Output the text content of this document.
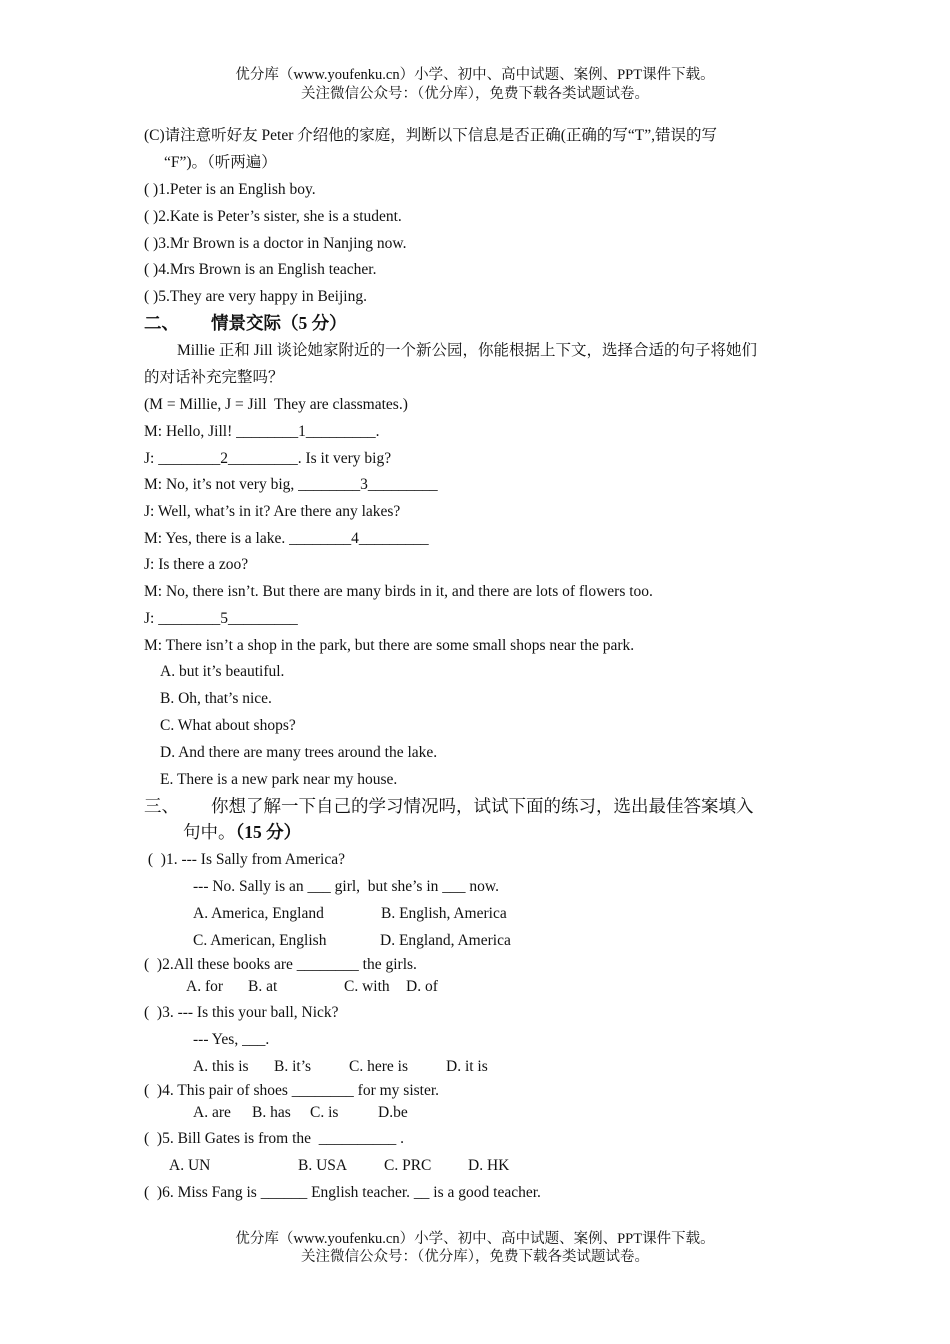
优分库（www.youfenku.cn）小学、初中、高中试题、案例、PPT课件下载。
关注微信公众号：（优分库），免费下载各类试题试卷。
(C)请注意听好友 Peter 介绍他的家庭，判断以下信息是否正确(正确的写“T”,错误的写
“F”)。（听两遍）
( )1.Peter is an English boy.
( )2.Kate is Peter’s sister, she is a student.
( )3.Mr Brown is a doctor in Nanjing now.
( )4.Mrs Brown is an English teacher.
( )5.They are very happy in Beijing.
二、 情景交际（5 分）
Millie 正和 Jill 谈论她家附近的一个新公园，你能根据上下文，选择合适的句子将她们
的对话补充完整吗？
(M = Millie, J = Jill  They are classmates.)
M: Hello, Jill! ________1_________.
J: ________2_________. Is it very big?
M: No, it’s not very big, ________3_________
J: Well, what’s in it? Are there any lakes?
M: Yes, there is a lake. ________4_________
J: Is there a zoo?
M: No, there isn’t. But there are many birds in it, and there are lots of flowers too.
J: ________5_________
M: There isn’t a shop in the park, but there are some small shops near the park.
A. but it’s beautiful.
B. Oh, that’s nice.
C. What about shops?
D. And there are many trees around the lake.
E. There is a new park near my house.
三、 你想了解一下自己的学习情况吗，试试下面的练习，选出最佳答案填入
句中。（15 分）
(  )1. --- Is Sally from America?
--- No. Sally is an ___ girl,  but she’s in ___ now.
A. America, England	B. English, America
C. American, English	D. England, America
(  )2.All these books are ________ the girls.
A. for B. at	C. with D. of
(  )3. --- Is this your ball, Nick?
--- Yes, ___.
A. this is B. it’s C. here is D. it is
(  )4. This pair of shoes ________ for my sister.
A. are B. has C. is	D.be
(  )5. Bill Gates is from the  __________ .
A. UN	B. USA C. PRC D. HK
(  )6. Miss Fang is ______ English teacher. __ is a good teacher.
优分库（www.youfenku.cn）小学、初中、高中试题、案例、PPT课件下载。
关注微信公众号：（优分库），免费下载各类试题试卷。
